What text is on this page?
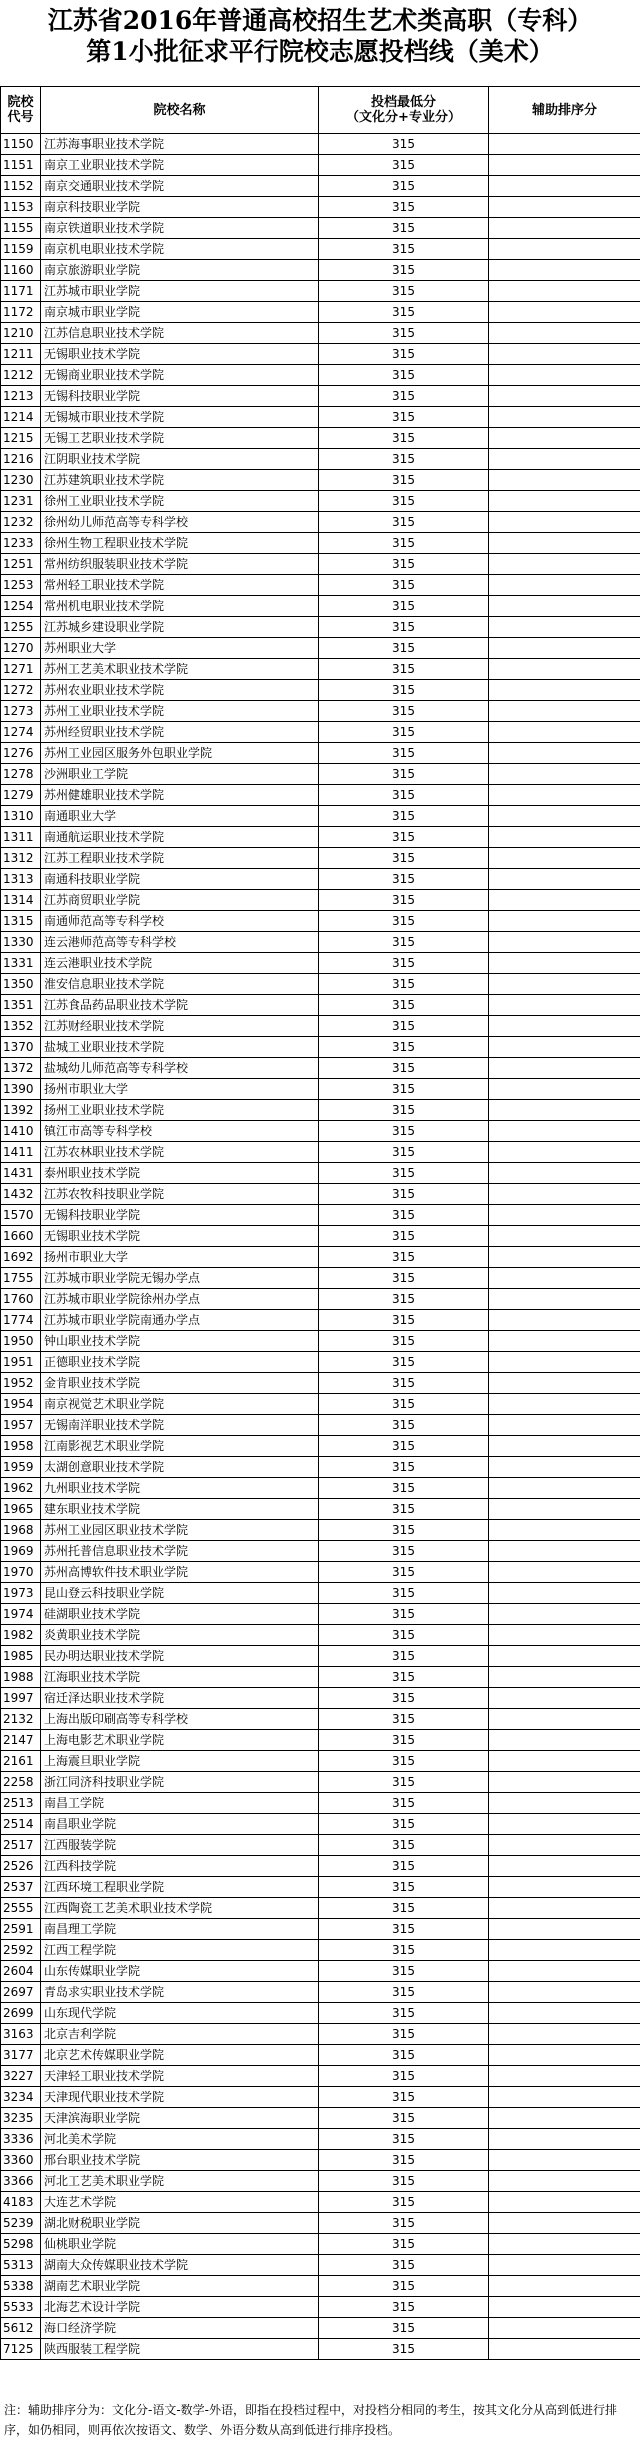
江苏省2016年普通高校招生艺术类高职（专科）
第1小批征求平行院校志愿投档线（美术）
院校
代号	院校名称	投档最低分
（文化分+专业分）	辅助排序分
1150	江苏海事职业技术学院	315	
1151	南京工业职业技术学院	315	
1152	南京交通职业技术学院	315	
1153	南京科技职业学院	315	
1155	南京铁道职业技术学院	315	
1159	南京机电职业技术学院	315	
1160	南京旅游职业学院	315	
1171	江苏城市职业学院	315	
1172	南京城市职业学院	315	
1210	江苏信息职业技术学院	315	
1211	无锡职业技术学院	315	
1212	无锡商业职业技术学院	315	
1213	无锡科技职业学院	315	
1214	无锡城市职业技术学院	315	
1215	无锡工艺职业技术学院	315	
1216	江阴职业技术学院	315	
1230	江苏建筑职业技术学院	315	
1231	徐州工业职业技术学院	315	
1232	徐州幼儿师范高等专科学校	315	
1233	徐州生物工程职业技术学院	315	
1251	常州纺织服装职业技术学院	315	
1253	常州轻工职业技术学院	315	
1254	常州机电职业技术学院	315	
1255	江苏城乡建设职业学院	315	
1270	苏州职业大学	315	
1271	苏州工艺美术职业技术学院	315	
1272	苏州农业职业技术学院	315	
1273	苏州工业职业技术学院	315	
1274	苏州经贸职业技术学院	315	
1276	苏州工业园区服务外包职业学院	315	
1278	沙洲职业工学院	315	
1279	苏州健雄职业技术学院	315	
1310	南通职业大学	315	
1311	南通航运职业技术学院	315	
1312	江苏工程职业技术学院	315	
1313	南通科技职业学院	315	
1314	江苏商贸职业学院	315	
1315	南通师范高等专科学校	315	
1330	连云港师范高等专科学校	315	
1331	连云港职业技术学院	315	
1350	淮安信息职业技术学院	315	
1351	江苏食品药品职业技术学院	315	
1352	江苏财经职业技术学院	315	
1370	盐城工业职业技术学院	315	
1372	盐城幼儿师范高等专科学校	315	
1390	扬州市职业大学	315	
1392	扬州工业职业技术学院	315	
1410	镇江市高等专科学校	315	
1411	江苏农林职业技术学院	315	
1431	泰州职业技术学院	315	
1432	江苏农牧科技职业学院	315	
1570	无锡科技职业学院	315	
1660	无锡职业技术学院	315	
1692	扬州市职业大学	315	
1755	江苏城市职业学院无锡办学点	315	
1760	江苏城市职业学院徐州办学点	315	
1774	江苏城市职业学院南通办学点	315	
1950	钟山职业技术学院	315	
1951	正德职业技术学院	315	
1952	金肯职业技术学院	315	
1954	南京视觉艺术职业学院	315	
1957	无锡南洋职业技术学院	315	
1958	江南影视艺术职业学院	315	
1959	太湖创意职业技术学院	315	
1962	九州职业技术学院	315	
1965	建东职业技术学院	315	
1968	苏州工业园区职业技术学院	315	
1969	苏州托普信息职业技术学院	315	
1970	苏州高博软件技术职业学院	315	
1973	昆山登云科技职业学院	315	
1974	硅湖职业技术学院	315	
1982	炎黄职业技术学院	315	
1985	民办明达职业技术学院	315	
1988	江海职业技术学院	315	
1997	宿迁泽达职业技术学院	315	
2132	上海出版印刷高等专科学校	315	
2147	上海电影艺术职业学院	315	
2161	上海震旦职业学院	315	
2258	浙江同济科技职业学院	315	
2513	南昌工学院	315	
2514	南昌职业学院	315	
2517	江西服装学院	315	
2526	江西科技学院	315	
2537	江西环境工程职业学院	315	
2555	江西陶瓷工艺美术职业技术学院	315	
2591	南昌理工学院	315	
2592	江西工程学院	315	
2604	山东传媒职业学院	315	
2697	青岛求实职业技术学院	315	
2699	山东现代学院	315	
3163	北京吉利学院	315	
3177	北京艺术传媒职业学院	315	
3227	天津轻工职业技术学院	315	
3234	天津现代职业技术学院	315	
3235	天津滨海职业学院	315	
3336	河北美术学院	315	
3360	邢台职业技术学院	315	
3366	河北工艺美术职业学院	315	
4183	大连艺术学院	315	
5239	湖北财税职业学院	315	
5298	仙桃职业学院	315	
5313	湖南大众传媒职业技术学院	315	
5338	湖南艺术职业学院	315	
5533	北海艺术设计学院	315	
5612	海口经济学院	315	
7125	陕西服装工程学院	315	
注：辅助排序分为：文化分-语文-数学-外语，即指在投档过程中，对投档分相同的考生，按其文化分从高到低进行排序，如仍相同，则再依次按语文、数学、外语分数从高到低进行排序投档。
